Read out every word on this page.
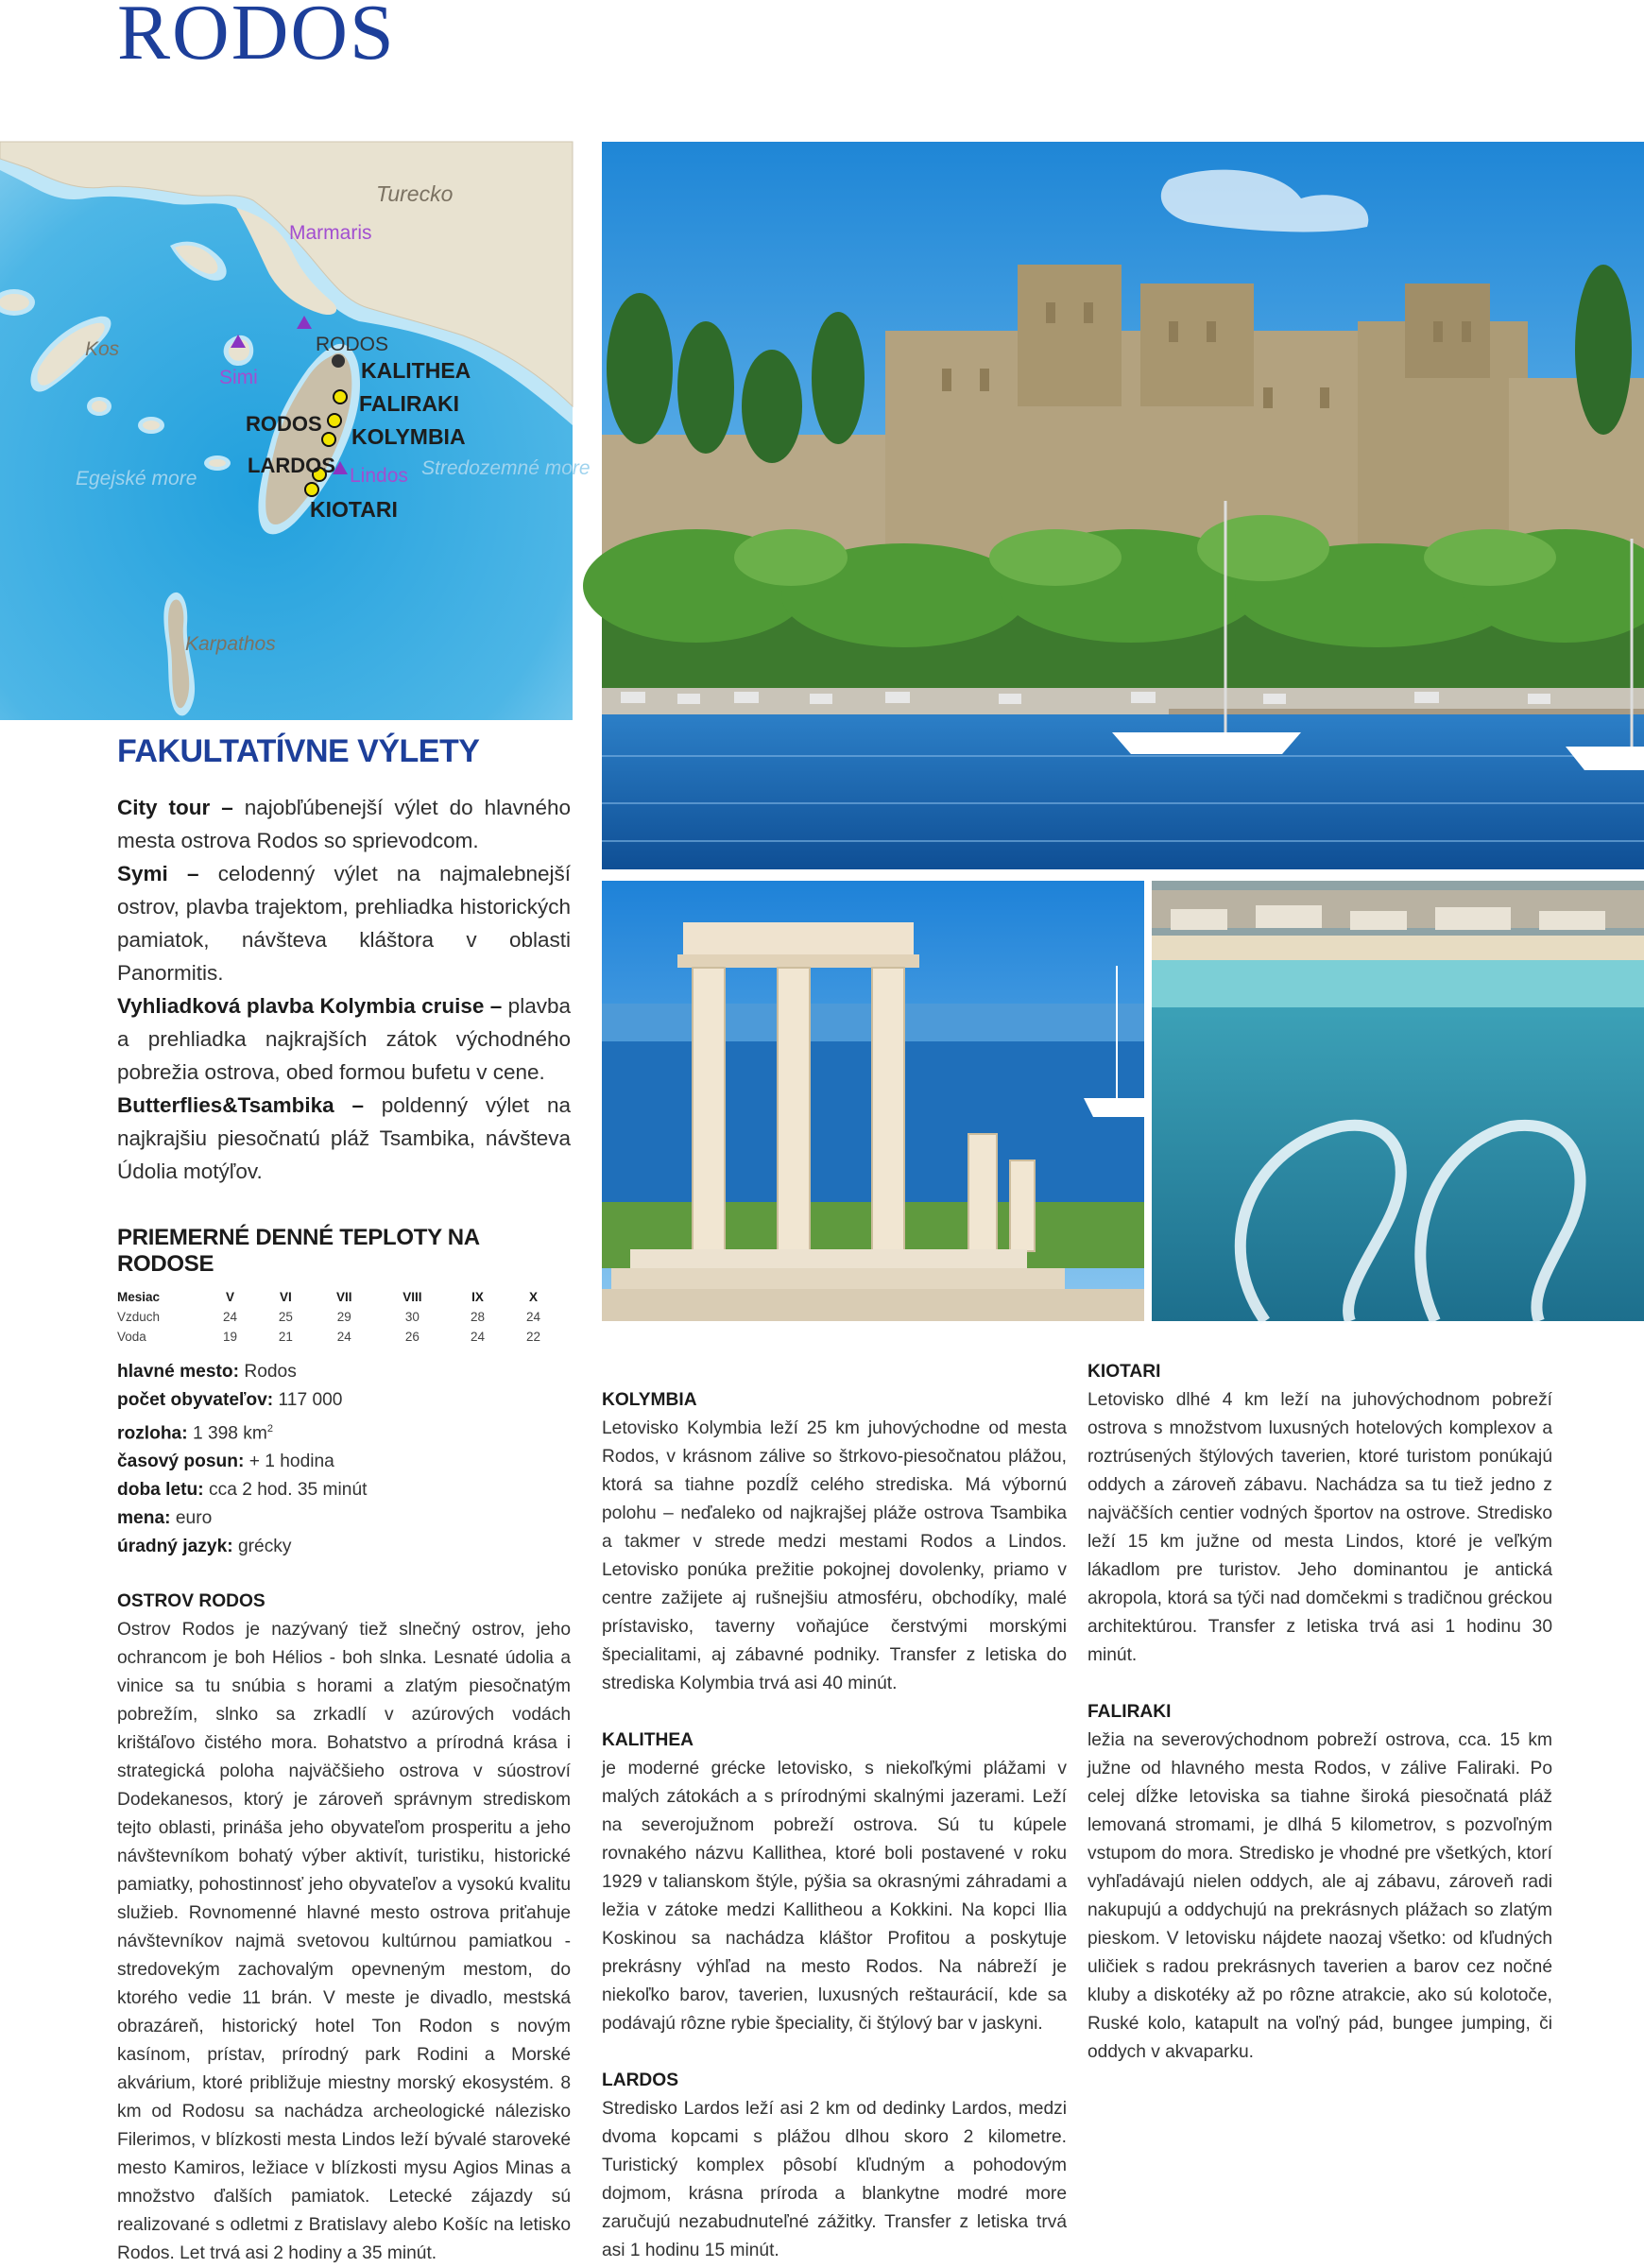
RODOS
Turecko
Marmaris
Kos
Simi
RODOS
RODOS
KALITHEA
FALIRAKI
KOLYMBIA
LARDOS Lindos
KIOTARI
Egejské more	Stredozemné more
Karpathos
FAKULTATÍVNE VÝLETY

City tour – najobľúbenejší výlet do hlavného mesta ostrova Rodos so sprievodcom.

Symi – celodenný výlet na najmalebnejší ostrov, plavba trajektom, prehliadka historických pamiatok, návšteva kláštora v oblasti Panormitis.

Vyhliadková plavba Kolymbia cruise – plavba a prehliadka najkrajších zátok východného pobrežia ostrova, obed formou bufetu v cene.

Butterflies&Tsambika – poldenný výlet na najkrajšiu piesočnatú pláž Tsambika, návšteva Údolia motýľov.

PRIEMERNÉ DENNÉ TEPLOTY NA RODOSE
Mesiac	V	VI	VII	VIII	IX	X
Vzduch	24	25	29	30	28	24
Voda	19	21	24	26	24	22

hlavné mesto: Rodos

počet obyvateľov: 117 000

rozloha: 1 398 $km^2$

časový posun: + 1 hodina

doba letu: cca 2 hod. 35 minút

mena: euro

úradný jazyk: grécky

OSTROV RODOS

Ostrov Rodos je nazývaný tiež slnečný ostrov, jeho ochrancom je boh Hélios - boh slnka. Lesnaté údolia a vinice sa tu snúbia s horami a zlatým piesočnatým pobrežím, slnko sa zrkadlí v azúrových vodách krištáľovo čistého mora. Bohatstvo a prírodná krása i strategická poloha najväčšieho ostrova v súostroví Dodekanesos, ktorý je zároveň správnym strediskom tejto oblasti, prináša jeho obyvateľom prosperitu a jeho návštevníkom bohatý výber aktivít, turistiku, historické pamiatky, pohostinnosť jeho obyvateľov a vysokú kvalitu služieb. Rovnomenné hlavné mesto ostrova priťahuje návštevníkov najmä svetovou kultúrnou pamiatkou - stredovekým zachovalým opevneným mestom, do ktorého vedie 11 brán. V meste je divadlo, mestská obrazáreň, historický hotel Ton Rodon s novým kasínom, prístav, prírodný park Rodini a Morské akvárium, ktoré približuje miestny morský ekosystém. 8 km od Rodosu sa nachádza archeologické nálezisko Filerimos, v blízkosti mesta Lindos leží bývalé staroveké mesto Kamiros, ležiace v blízkosti mysu Agios Minas a množstvo ďalších pamiatok. Letecké zájazdy sú realizované s odletmi z Bratislavy alebo Košíc na letisko Rodos. Let trvá asi 2 hodiny a 35 minút.

KOLYMBIA

Letovisko Kolymbia leží 25 km juhovýchodne od mesta Rodos, v krásnom zálive so štrkovo-piesočnatou plážou, ktorá sa tiahne pozdĺž celého strediska. Má výbornú polohu – neďaleko od najkrajšej pláže ostrova Tsambika a takmer v strede medzi mestami Rodos a Lindos. Letovisko ponúka prežitie pokojnej dovolenky, priamo v centre zažijete aj rušnejšiu atmosféru, obchodíky, malé prístavisko, taverny voňajúce čerstvými morskými špecialitami, aj zábavné podniky. Transfer z letiska do strediska Kolymbia trvá asi 40 minút.

KALITHEA

je moderné grécke letovisko, s niekoľkými plážami v malých zátokách a s prírodnými skalnými jazerami. Leží na severojužnom pobreží ostrova. Sú tu kúpele rovnakého názvu Kallithea, ktoré boli postavené v roku 1929 v talianskom štýle, pýšia sa okrasnými záhradami a ležia v zátoke medzi Kallitheou a Kokkini. Na kopci Ilia Koskinou sa nachádza kláštor Profitou a poskytuje prekrásny výhľad na mesto Rodos. Na nábreží je niekoľko barov, taverien, luxusných reštaurácií, kde sa podávajú rôzne rybie špeciality, či štýlový bar v jaskyni.

LARDOS

Stredisko Lardos leží asi 2 km od dedinky Lardos, medzi dvoma kopcami s plážou dlhou skoro 2 kilometre. Turistický komplex pôsobí kľudným a pohodovým dojmom, krásna príroda a blankytne modré more zaručujú nezabudnuteľné zážitky. Transfer z letiska trvá asi 1 hodinu 15 minút.

KIOTARI

Letovisko dlhé 4 km leží na juhovýchodnom pobreží ostrova s množstvom luxusných hotelových komplexov a roztrúsených štýlových taverien, ktoré turistom ponúkajú oddych a zároveň zábavu. Nachádza sa tu tiež jedno z najväčších centier vodných športov na ostrove. Stredisko leží 15 km južne od mesta Lindos, ktoré je veľkým lákadlom pre turistov. Jeho dominantou je antická akropola, ktorá sa týči nad domčekmi s tradičnou gréckou architektúrou. Transfer z letiska trvá asi 1 hodinu 30 minút.

FALIRAKI

ležia na severovýchodnom pobreží ostrova, cca. 15 km južne od hlavného mesta Rodos, v zálive Faliraki. Po celej dĺžke letoviska sa tiahne široká piesočnatá pláž lemovaná stromami, je dlhá 5 kilometrov, s pozvoľným vstupom do mora. Stredisko je vhodné pre všetkých, ktorí vyhľadávajú nielen oddych, ale aj zábavu, zároveň radi nakupujú a oddychujú na prekrásnych plážach so zlatým pieskom. V letovisku nájdete naozaj všetko: od kľudných uličiek s radou prekrásnych taverien a barov cez nočné kluby a diskotéky až po rôzne atrakcie, ako sú kolotoče, Ruské kolo, katapult na voľný pád, bungee jumping, či oddych v akvaparku.
